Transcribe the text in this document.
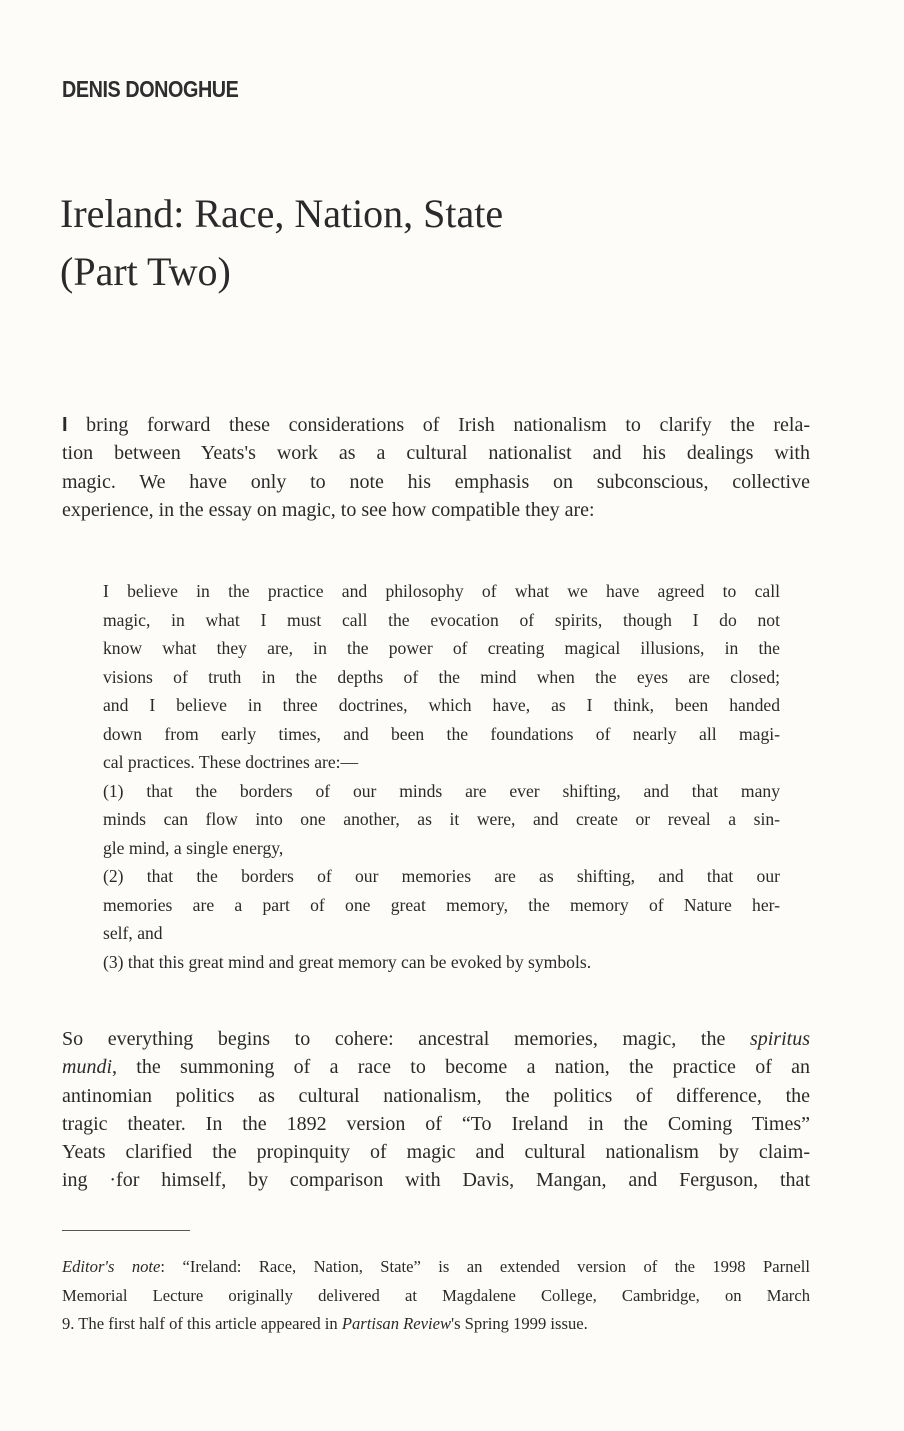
DENIS DONOGHUE
Ireland: Race, Nation, State
(Part Two)
I bring forward these considerations of Irish nationalism to clarify the rela-
tion between Yeats's work as a cultural nationalist and his dealings with
magic. We have only to note his emphasis on subconscious, collective
experience, in the essay on magic, to see how compatible they are:
I believe in the practice and philosophy of what we have agreed to call
magic, in what I must call the evocation of spirits, though I do not
know what they are, in the power of creating magical illusions, in the
visions of truth in the depths of the mind when the eyes are closed;
and I believe in three doctrines, which have, as I think, been handed
down from early times, and been the foundations of nearly all magi-
cal practices. These doctrines are:—
(1) that the borders of our minds are ever shifting, and that many
minds can flow into one another, as it were, and create or reveal a sin-
gle mind, a single energy,
(2) that the borders of our memories are as shifting, and that our
memories are a part of one great memory, the memory of Nature her-
self, and
(3) that this great mind and great memory can be evoked by symbols.
So everything begins to cohere: ancestral memories, magic, the spiritus
mundi, the summoning of a race to become a nation, the practice of an
antinomian politics as cultural nationalism, the politics of difference, the
tragic theater. In the 1892 version of “To Ireland in the Coming Times”
Yeats clarified the propinquity of magic and cultural nationalism by claim-
ing ·for himself, by comparison with Davis, Mangan, and Ferguson, that
Editor's note: “Ireland: Race, Nation, State” is an extended version of the 1998 Parnell
Memorial Lecture originally delivered at Magdalene College, Cambridge, on March
9. The first half of this article appeared in Partisan Review's Spring 1999 issue.
